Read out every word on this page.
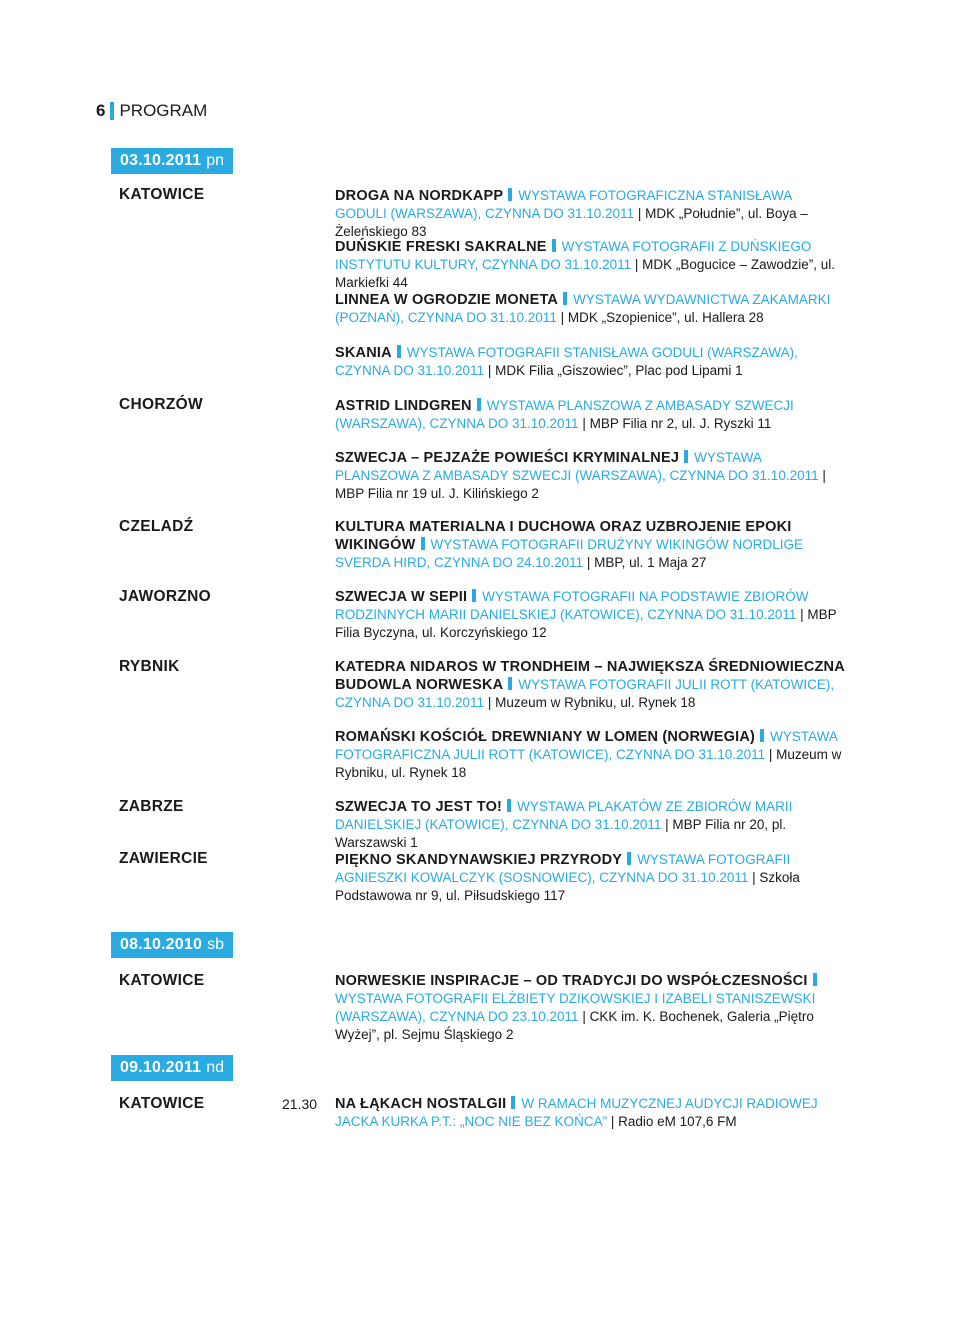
6 PROGRAM
03.10.2011 pn
KATOWICE	DROGA NA NORDKAPP WYSTAWA FOTOGRAFICZNA STANISŁAWA GODULI (WARSZAWA), CZYNNA DO 31.10.2011 | MDK „Południe”, ul. Boya – Żeleńskiego 83
DUŃSKIE FRESKI SAKRALNE WYSTAWA FOTOGRAFII Z DUŃSKIEGO INSTYTUTU KULTURY, CZYNNA DO 31.10.2011 | MDK „Bogucice – Zawodzie”, ul. Markiefki 44
LINNEA W OGRODZIE MONETA WYSTAWA WYDAWNICTWA ZAKAMARKI (POZNAŃ), CZYNNA DO 31.10.2011 | MDK „Szopienice”, ul. Hallera 28
SKANIA WYSTAWA FOTOGRAFII STANISŁAWA GODULI (WARSZAWA), CZYNNA DO 31.10.2011 | MDK Filia „Giszowiec”, Plac pod Lipami 1
CHORZÓW	ASTRID LINDGREN WYSTAWA PLANSZOWA Z AMBASADY SZWECJI (WARSZAWA), CZYNNA DO 31.10.2011 | MBP Filia nr 2, ul. J. Ryszki 11
SZWECJA – PEJZAŻE POWIEŚCI KRYMINALNEJ WYSTAWA PLANSZOWA Z AMBASADY SZWECJI (WARSZAWA), CZYNNA DO 31.10.2011 | MBP Filia nr 19 ul. J. Kilińskiego 2
CZELADŹ	KULTURA MATERIALNA I DUCHOWA ORAZ UZBROJENIE EPOKI WIKINGÓW WYSTAWA FOTOGRAFII DRUŻYNY WIKINGÓW NORDLIGE SVERDA HIRD, CZYNNA DO 24.10.2011 | MBP, ul. 1 Maja 27
JAWORZNO	SZWECJA W SEPII WYSTAWA FOTOGRAFII NA PODSTAWIE ZBIORÓW RODZINNYCH MARII DANIELSKIEJ (KATOWICE), CZYNNA DO 31.10.2011 | MBP Filia Byczyna, ul. Korczyńskiego 12
RYBNIK	KATEDRA NIDAROS W TRONDHEIM – NAJWIĘKSZA ŚREDNIOWIECZNA BUDOWLA NORWESKA WYSTAWA FOTOGRAFII JULII ROTT (KATOWICE), CZYNNA DO 31.10.2011 | Muzeum w Rybniku, ul. Rynek 18
ROMAŃSKI KOŚCIÓŁ DREWNIANY W LOMEN (NORWEGIA) WYSTAWA FOTOGRAFICZNA JULII ROTT (KATOWICE), CZYNNA DO 31.10.2011 | Muzeum w Rybniku, ul. Rynek 18
ZABRZE	SZWECJA TO JEST TO! WYSTAWA PLAKATÓW ZE ZBIORÓW MARII DANIELSKIEJ (KATOWICE), CZYNNA DO 31.10.2011 | MBP Filia nr 20, pl. Warszawski 1
ZAWIERCIE	PIĘKNO SKANDYNAWSKIEJ PRZYRODY WYSTAWA FOTOGRAFII AGNIESZKI KOWALCZYK (SOSNOWIEC), CZYNNA DO 31.10.2011 | Szkoła Podstawowa nr 9, ul. Piłsudskiego 117
08.10.2010 sb
KATOWICE	NORWESKIE INSPIRACJE – OD TRADYCJI DO WSPÓŁCZESNOŚCIWYSTAWA FOTOGRAFII ELŻBIETY DZIKOWSKIEJ I IZABELI STANISZEWSKI (WARSZAWA), CZYNNA DO 23.10.2011 | CKK im. K. Bochenek, Galeria „Piętro Wyżej”, pl. Sejmu Śląskiego 2
09.10.2011 nd
KATOWICE	21.30 NA ŁĄKACH NOSTALGII W RAMACH MUZYCZNEJ AUDYCJI RADIOWEJ JACKA KURKA P.T.: „NOC NIE BEZ KOŃCA” | Radio eM 107,6 FM
